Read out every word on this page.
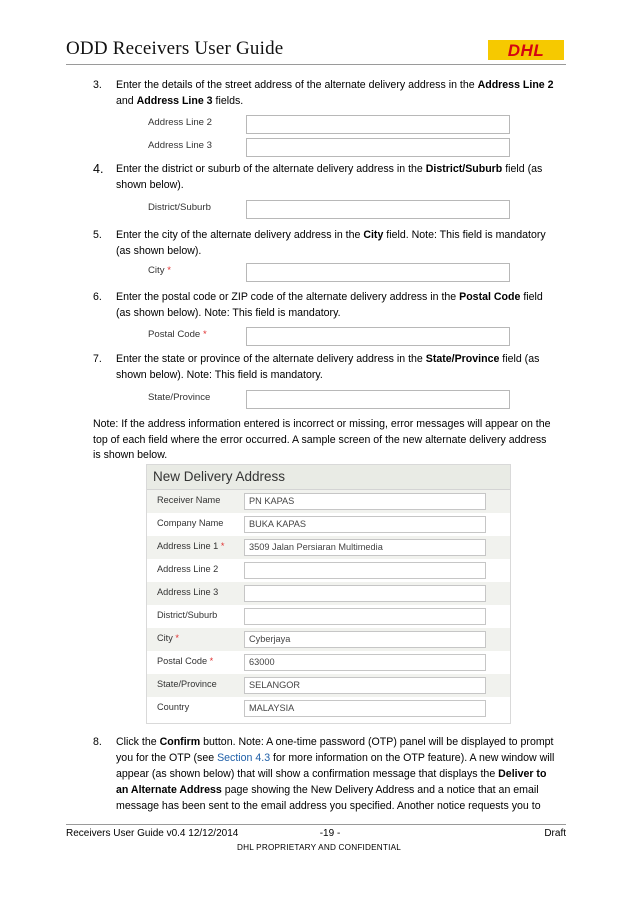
ODD Receivers User Guide	DHL
3. Enter the details of the street address of the alternate delivery address in the Address Line 2
and Address Line 3 fields.
Address Line 2
Address Line 3
4. Enter the district or suburb of the alternate delivery address in the District/Suburb field (as
shown below).
District/Suburb
5. Enter the city of the alternate delivery address in the City field. Note: This field is mandatory
(as shown below).
City *
6. Enter the postal code or ZIP code of the alternate delivery address in the Postal Code field
(as shown below). Note: This field is mandatory.
Postal Code *
7. Enter the state or province of the alternate delivery address in the State/Province field (as
shown below). Note: This field is mandatory.
State/Province
Note: If the address information entered is incorrect or missing, error messages will appear on the
top of each field where the error occurred. A sample screen of the new alternate delivery address
is shown below.
New Delivery Address
Receiver Name	PN KAPAS
Company Name	BUKA KAPAS
Address Line 1 *	3509 Jalan Persiaran Multimedia
Address Line 2
Address Line 3
District/Suburb
City *	Cyberjaya
Postal Code *	63000
State/Province	SELANGOR
Country	MALAYSIA
8. Click the Confirm button. Note: A one-time password (OTP) panel will be displayed to prompt
you for the OTP (see Section 4.3 for more information on the OTP feature). A new window will
appear (as shown below) that will show a confirmation message that displays the Deliver to
an Alternate Address page showing the New Delivery Address and a notice that an email
message has been sent to the email address you specified. Another notice requests you to
Receivers User Guide v0.4 12/12/2014	-19 -	Draft
DHL PROPRIETARY AND CONFIDENTIAL
